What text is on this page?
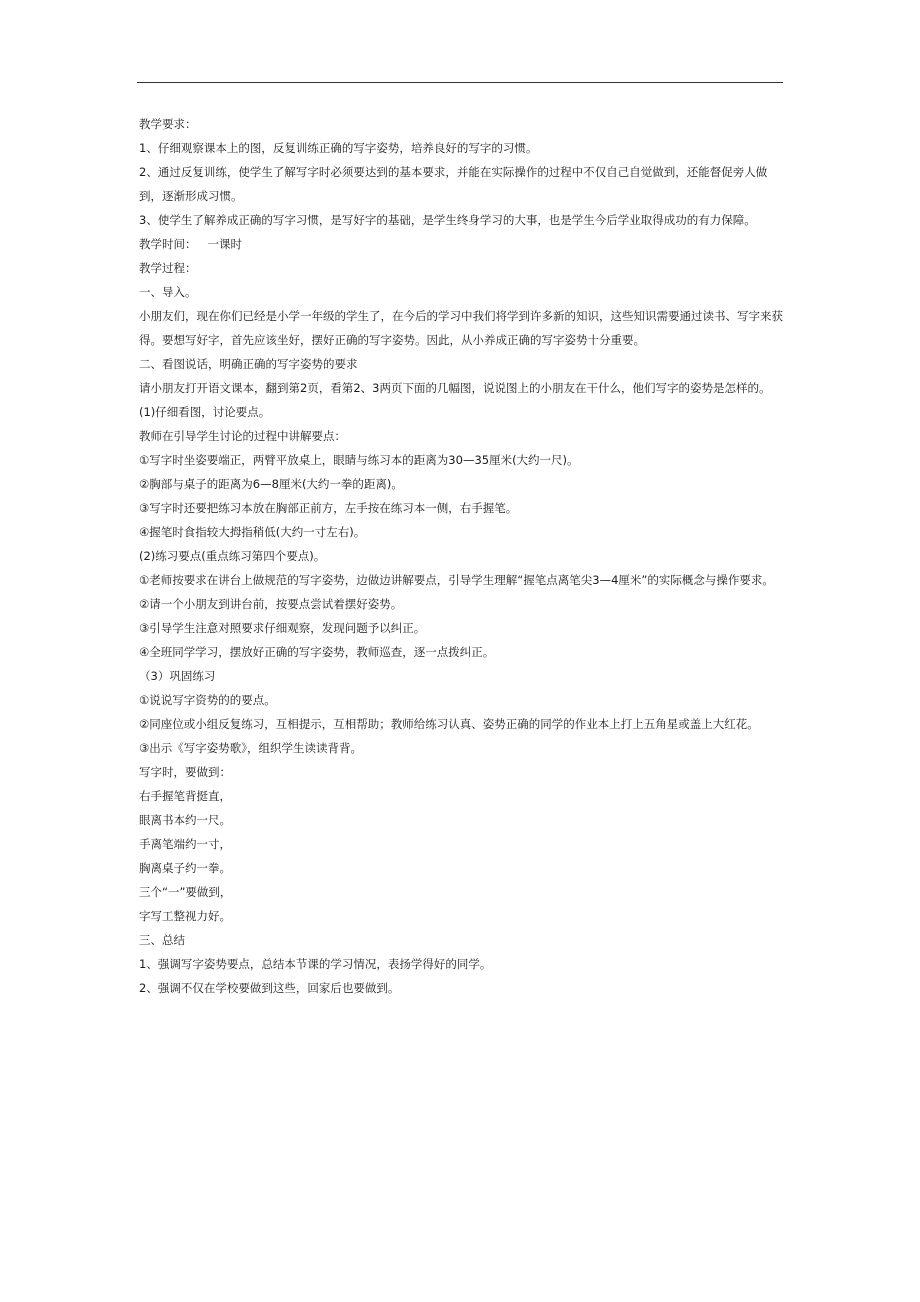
教学要求：

1、仔细观察课本上的图，反复训练正确的写字姿势，培养良好的写字的习惯。

2、通过反复训练，使学生了解写字时必须要达到的基本要求，并能在实际操作的过程中不仅自己自觉做到，还能督促旁人做到，逐渐形成习惯。

3、使学生了解养成正确的写字习惯，是写好字的基础，是学生终身学习的大事，也是学生今后学业取得成功的有力保障。

教学时间：   一课时

教学过程：

一、导入。

小朋友们，现在你们已经是小学一年级的学生了，在今后的学习中我们将学到许多新的知识，这些知识需要通过读书、写字来获得。要想写好字，首先应该坐好，摆好正确的写字姿势。因此，从小养成正确的写字姿势十分重要。

二、看图说话，明确正确的写字姿势的要求

请小朋友打开语文课本，翻到第2页，看第2、3两页下面的几幅图，说说图上的小朋友在干什么，他们写字的姿势是怎样的。

(1)仔细看图，讨论要点。

教师在引导学生讨论的过程中讲解要点：

①写字时坐姿要端正，两臂平放桌上，眼睛与练习本的距离为30—35厘米(大约一尺)。

②胸部与桌子的距离为6—8厘米(大约一拳的距离)。

③写字时还要把练习本放在胸部正前方，左手按在练习本一侧，右手握笔。

④握笔时食指较大拇指稍低(大约一寸左右)。

(2)练习要点(重点练习第四个要点)。

①老师按要求在讲台上做规范的写字姿势，边做边讲解要点，引导学生理解“握笔点离笔尖3—4厘米”的实际概念与操作要求。

②请一个小朋友到讲台前，按要点尝试着摆好姿势。

③引导学生注意对照要求仔细观察，发现问题予以纠正。

④全班同学学习，摆放好正确的写字姿势，教师巡查，逐一点拨纠正。

（3）巩固练习

①说说写字资势的的要点。

②同座位或小组反复练习，互相提示，互相帮助；教师给练习认真、姿势正确的同学的作业本上打上五角星或盖上大红花。

③出示《写字姿势歌》，组织学生读读背背。

写字时，要做到：

右手握笔背挺直，

眼离书本约一尺。

手离笔端约一寸，

胸离桌子约一拳。

三个“一”要做到，

字写工整视力好。

三、总结

1、强调写字姿势要点，总结本节课的学习情况，表扬学得好的同学。

2、强调不仅在学校要做到这些，回家后也要做到。
